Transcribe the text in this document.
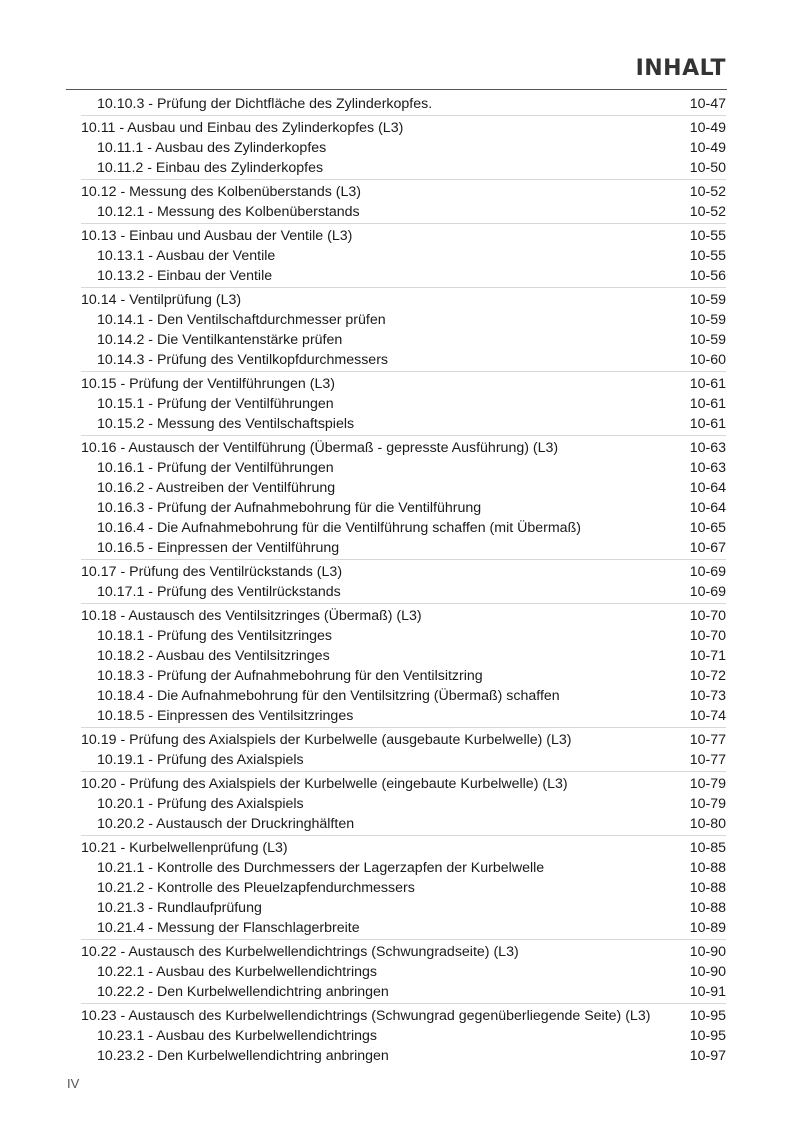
INHALT
10.10.3 - Prüfung der Dichtfläche des Zylinderkopfes.	10-47
10.11 - Ausbau und Einbau des Zylinderkopfes (L3)	10-49
10.11.1 - Ausbau des Zylinderkopfes	10-49
10.11.2 - Einbau des Zylinderkopfes	10-50
10.12 - Messung des Kolbenüberstands (L3)	10-52
10.12.1 - Messung des Kolbenüberstands	10-52
10.13 - Einbau und Ausbau der Ventile (L3)	10-55
10.13.1 - Ausbau der Ventile	10-55
10.13.2 - Einbau der Ventile	10-56
10.14 - Ventilprüfung (L3)	10-59
10.14.1 - Den Ventilschaftdurchmesser prüfen	10-59
10.14.2 - Die Ventilkantenstärke prüfen	10-59
10.14.3 - Prüfung des Ventilkopfdurchmessers	10-60
10.15 - Prüfung der Ventilführungen (L3)	10-61
10.15.1 - Prüfung der Ventilführungen	10-61
10.15.2 - Messung des Ventilschaftspiels	10-61
10.16 - Austausch der Ventilführung (Übermaß - gepresste Ausführung) (L3)	10-63
10.16.1 - Prüfung der Ventilführungen	10-63
10.16.2 - Austreiben der Ventilführung	10-64
10.16.3 - Prüfung der Aufnahmebohrung für die Ventilführung	10-64
10.16.4 - Die Aufnahmebohrung für die Ventilführung schaffen (mit Übermaß)	10-65
10.16.5 - Einpressen der Ventilführung	10-67
10.17 - Prüfung des Ventilrückstands (L3)	10-69
10.17.1 - Prüfung des Ventilrückstands	10-69
10.18 - Austausch des Ventilsitzringes (Übermaß) (L3)	10-70
10.18.1 - Prüfung des Ventilsitzringes	10-70
10.18.2 - Ausbau des Ventilsitzringes	10-71
10.18.3 - Prüfung der Aufnahmebohrung für den Ventilsitzring	10-72
10.18.4 - Die Aufnahmebohrung für den Ventilsitzring (Übermaß) schaffen	10-73
10.18.5 - Einpressen des Ventilsitzringes	10-74
10.19 - Prüfung des Axialspiels der Kurbelwelle (ausgebaute Kurbelwelle) (L3)	10-77
10.19.1 - Prüfung des Axialspiels	10-77
10.20 - Prüfung des Axialspiels der Kurbelwelle (eingebaute Kurbelwelle) (L3)	10-79
10.20.1 - Prüfung des Axialspiels	10-79
10.20.2 - Austausch der Druckringhälften	10-80
10.21 - Kurbelwellenprüfung (L3)	10-85
10.21.1 - Kontrolle des Durchmessers der Lagerzapfen der Kurbelwelle	10-88
10.21.2 - Kontrolle des Pleuelzapfendurchmessers	10-88
10.21.3 - Rundlaufprüfung	10-88
10.21.4 - Messung der Flanschlagerbreite	10-89
10.22 - Austausch des Kurbelwellendichtrings (Schwungradseite) (L3)	10-90
10.22.1 - Ausbau des Kurbelwellendichtrings	10-90
10.22.2 - Den Kurbelwellendichtring anbringen	10-91
10.23 - Austausch des Kurbelwellendichtrings (Schwungrad gegenüberliegende Seite) (L3)	10-95
10.23.1 - Ausbau des Kurbelwellendichtrings	10-95
10.23.2 - Den Kurbelwellendichtring anbringen	10-97
IV
